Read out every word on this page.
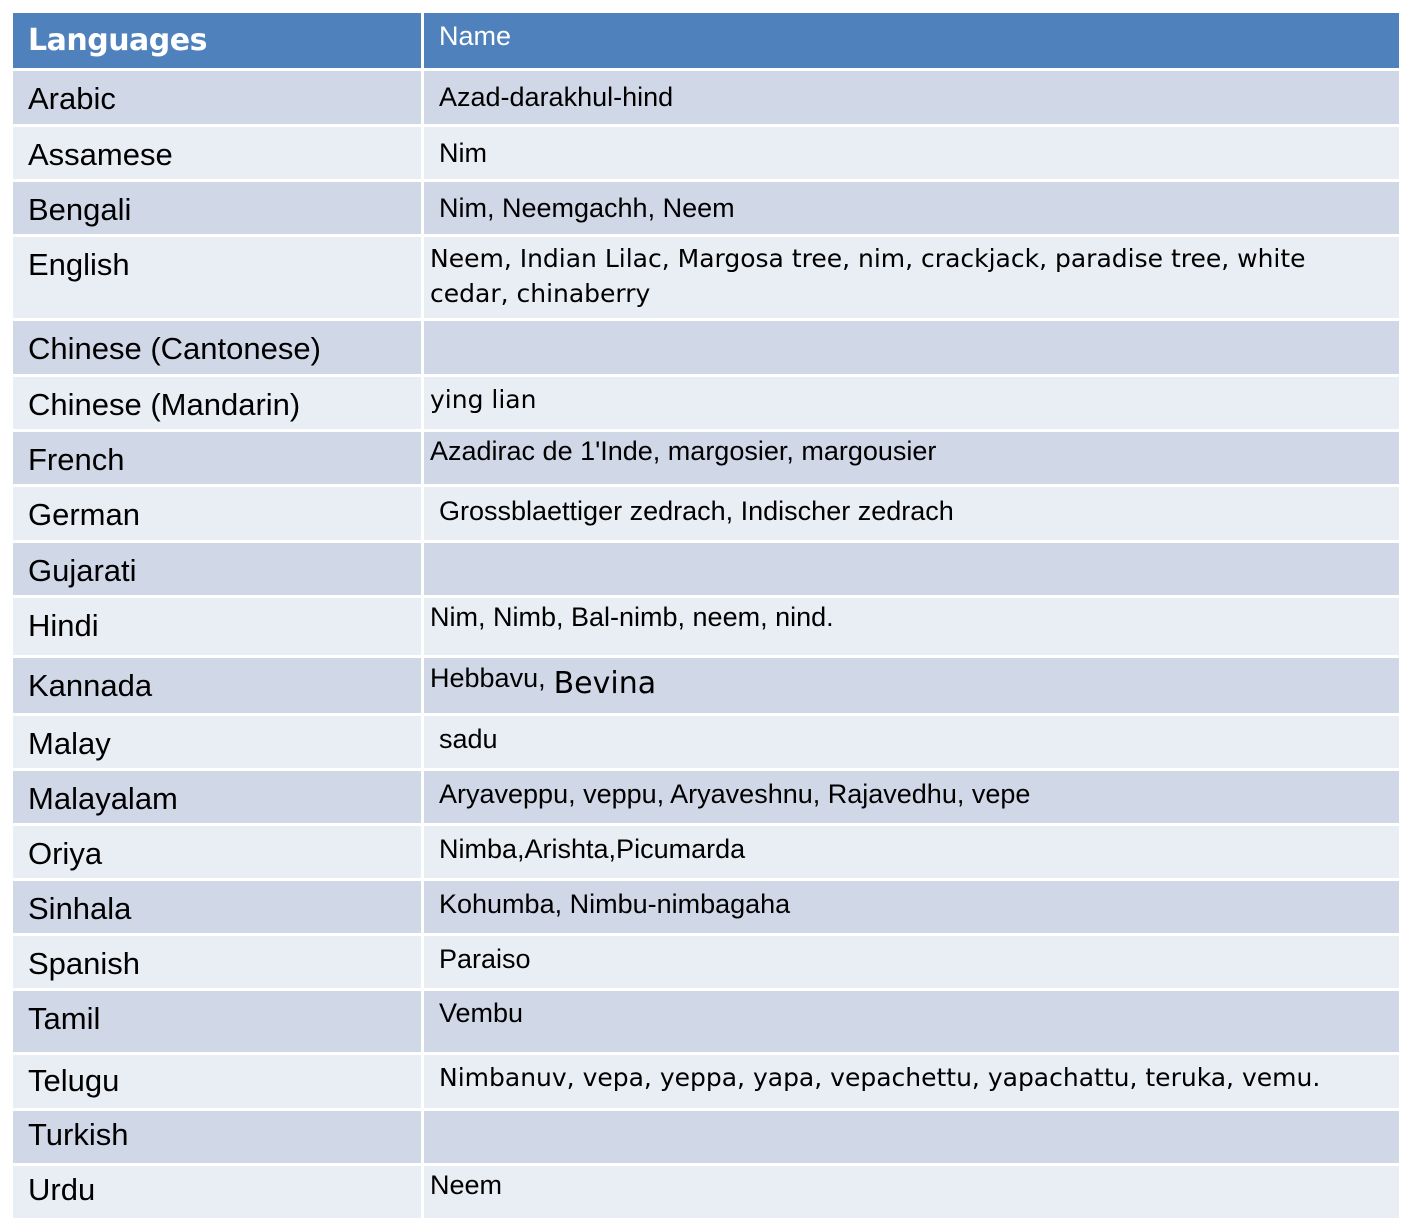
Languages	Name
Arabic	Azad-darakhul-hind
Assamese	Nim
Bengali	Nim, Neemgachh, Neem
English	Neem, Indian Lilac, Margosa tree, nim, crackjack, paradise tree, white cedar, chinaberry
Chinese (Cantonese)
Chinese (Mandarin)	ying lian
French	Azadirac de 1'Inde, margosier, margousier
German	Grossblaettiger zedrach, Indischer zedrach
Gujarati
Hindi	Nim, Nimb, Bal-nimb, neem, nind.
Kannada	Hebbavu, Bevina
Malay	sadu
Malayalam	Aryaveppu, veppu, Aryaveshnu, Rajavedhu, vepe
Oriya	Nimba,Arishta,Picumarda
Sinhala	Kohumba, Nimbu-nimbagaha
Spanish	Paraiso
Tamil	Vembu
Telugu	Nimbanuv, vepa, yeppa, yapa, vepachettu, yapachattu, teruka, vemu.
Turkish
Urdu	Neem
